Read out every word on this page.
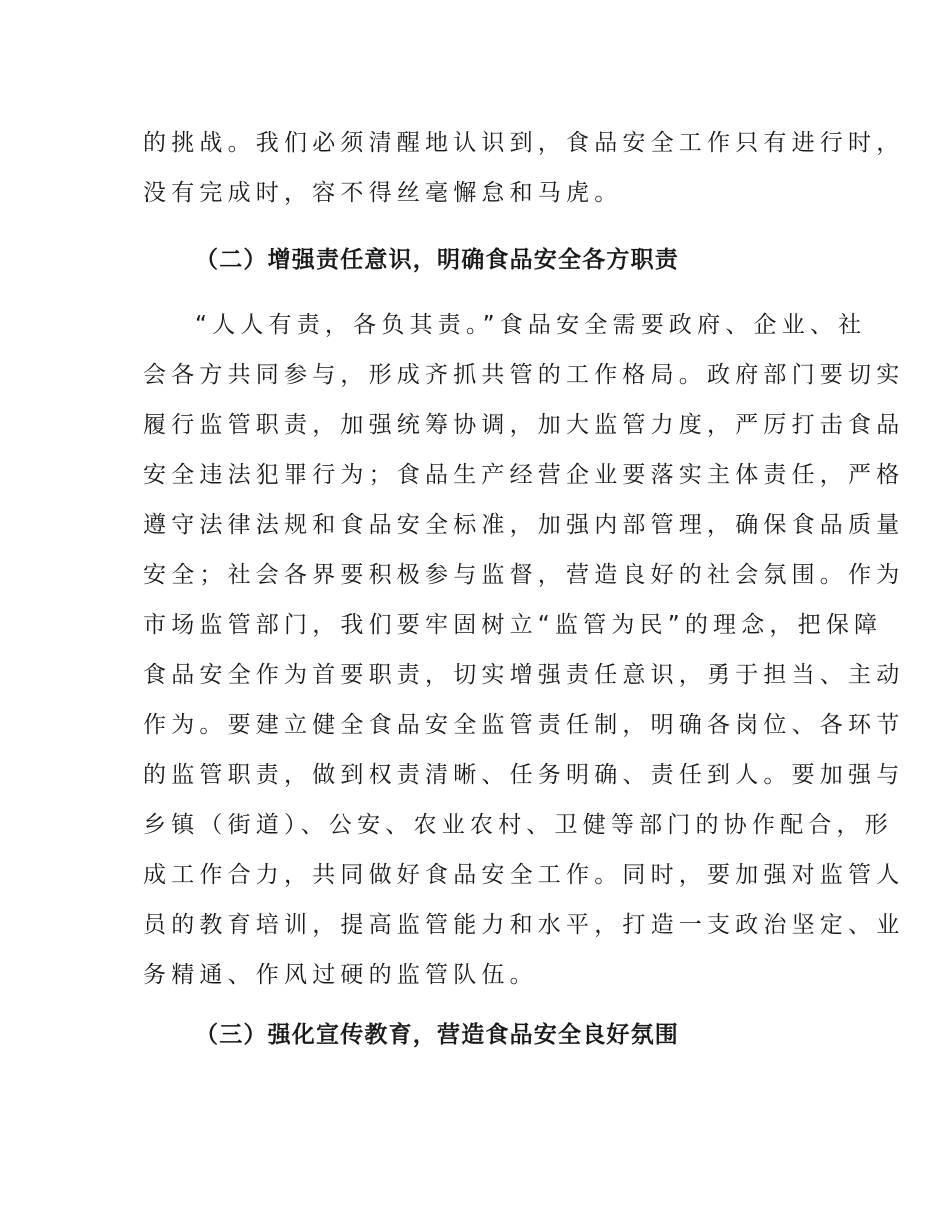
的挑战。我们必须清醒地认识到，食品安全工作只有进行时，

没有完成时，容不得丝毫懈怠和马虎。

（二）增强责任意识，明确食品安全各方职责

“人人有责，各负其责。”食品安全需要政府、企业、社

会各方共同参与，形成齐抓共管的工作格局。政府部门要切实

履行监管职责，加强统筹协调，加大监管力度，严厉打击食品

安全违法犯罪行为；食品生产经营企业要落实主体责任，严格

遵守法律法规和食品安全标准，加强内部管理，确保食品质量

安全；社会各界要积极参与监督，营造良好的社会氛围。作为

市场监管部门，我们要牢固树立“监管为民”的理念，把保障

食品安全作为首要职责，切实增强责任意识，勇于担当、主动

作为。要建立健全食品安全监管责任制，明确各岗位、各环节

的监管职责，做到权责清晰、任务明确、责任到人。要加强与

乡镇（街道）、公安、农业农村、卫健等部门的协作配合，形

成工作合力，共同做好食品安全工作。同时，要加强对监管人

员的教育培训，提高监管能力和水平，打造一支政治坚定、业

务精通、作风过硬的监管队伍。

（三）强化宣传教育，营造食品安全良好氛围
